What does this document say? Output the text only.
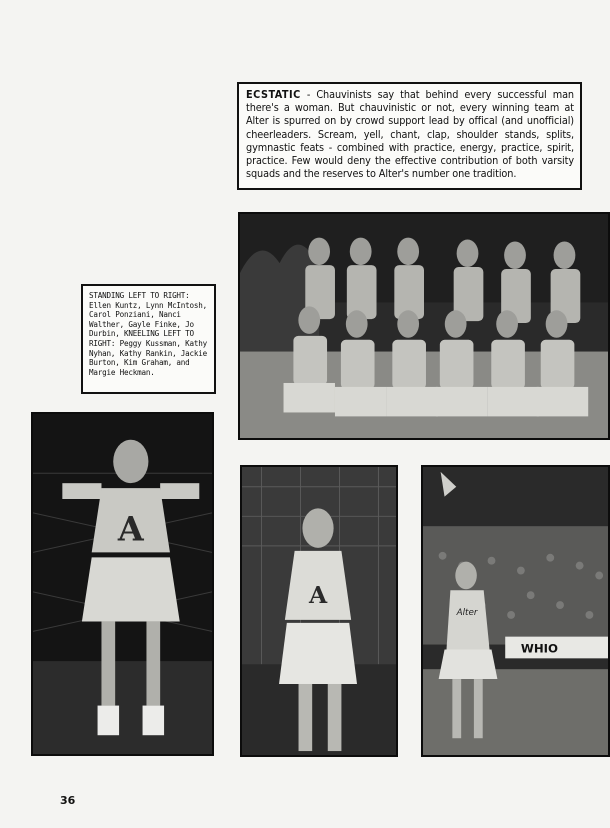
ECSTATIC - Chauvinists say that behind every successful man there's a woman. But chauvinistic or not, every winning team at Alter is spurred on by crowd support lead by offical (and unofficial) cheerleaders. Scream, yell, chant, clap, shoulder stands, splits, gymnastic feats - combined with practice, energy, practice, spirit, practice. Few would deny the effective contribution of both varsity squads and the reserves to Alter's number one tradition.
STANDING LEFT TO RIGHT: Ellen Kuntz, Lynn McIntosh, Carol Ponziani, Nanci Walther, Gayle Finke, Jo Durbin, KNEELING LEFT TO RIGHT: Peggy Kussman, Kathy Nyhan, Kathy Rankin, Jackie Burton, Kim Graham, and Margie Heckman.
A
A
WHIO
Alter
36
